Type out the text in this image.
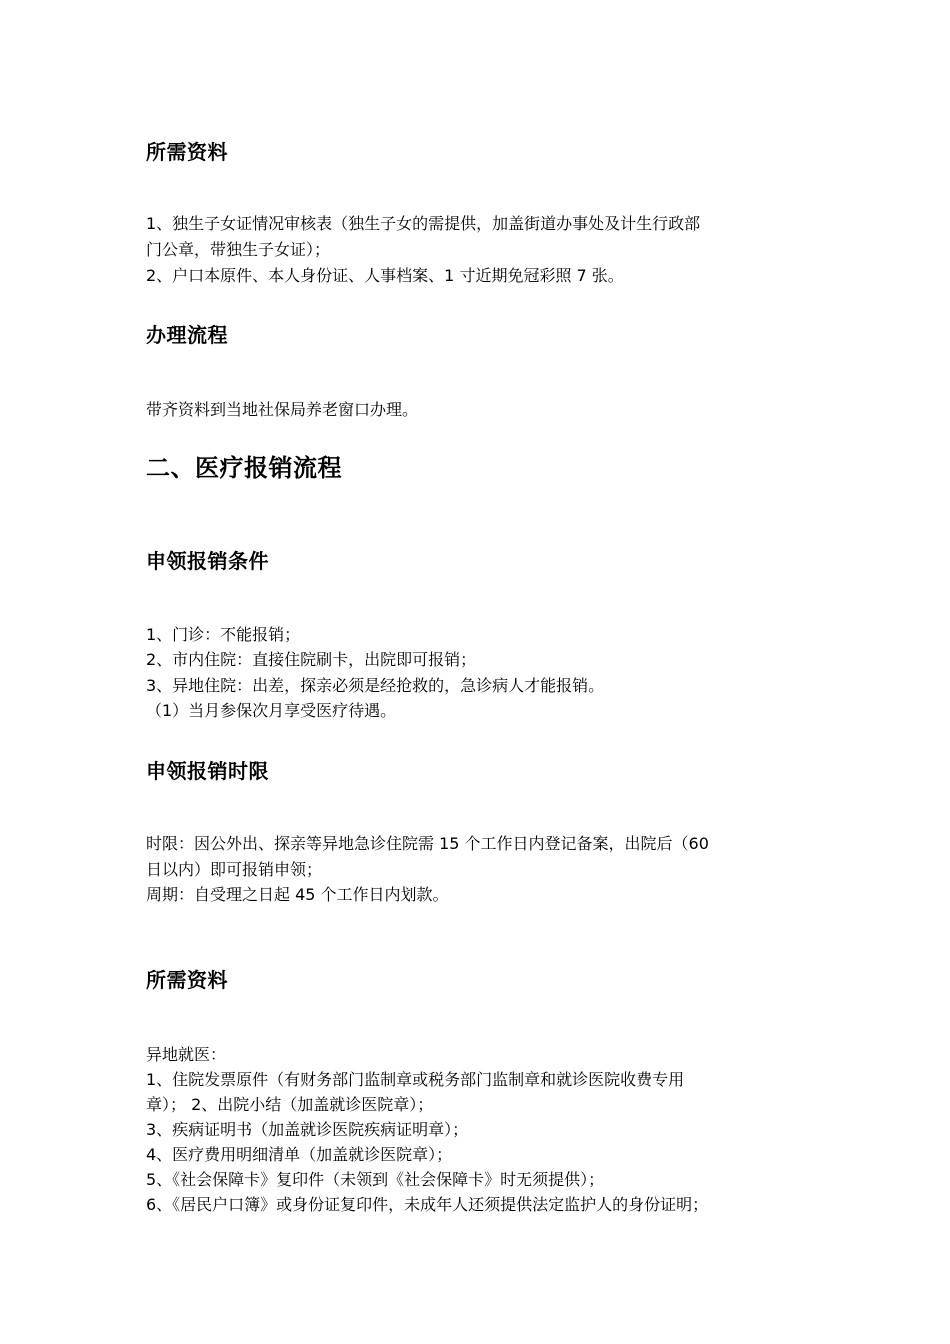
所需资料
1、独生子女证情况审核表（独生子女的需提供，加盖街道办事处及计生行政部
门公章，带独生子女证）；
2、户口本原件、本人身份证、人事档案、1 寸近期免冠彩照 7 张。
办理流程
带齐资料到当地社保局养老窗口办理。
二、医疗报销流程
申领报销条件
1、门诊：不能报销；
2、市内住院：直接住院刷卡，出院即可报销；
3、异地住院：出差，探亲必须是经抢救的，急诊病人才能报销。
（1）当月参保次月享受医疗待遇。
申领报销时限
时限：因公外出、探亲等异地急诊住院需 15 个工作日内登记备案，出院后（60
日以内）即可报销申领；
周期：自受理之日起 45 个工作日内划款。
所需资料
异地就医：
1、住院发票原件（有财务部门监制章或税务部门监制章和就诊医院收费专用
章）； 2、出院小结（加盖就诊医院章）；
3、疾病证明书（加盖就诊医院疾病证明章）；
4、医疗费用明细清单（加盖就诊医院章）；
5、《社会保障卡》复印件（未领到《社会保障卡》时无须提供）；
6、《居民户口簿》或身份证复印件，未成年人还须提供法定监护人的身份证明；
